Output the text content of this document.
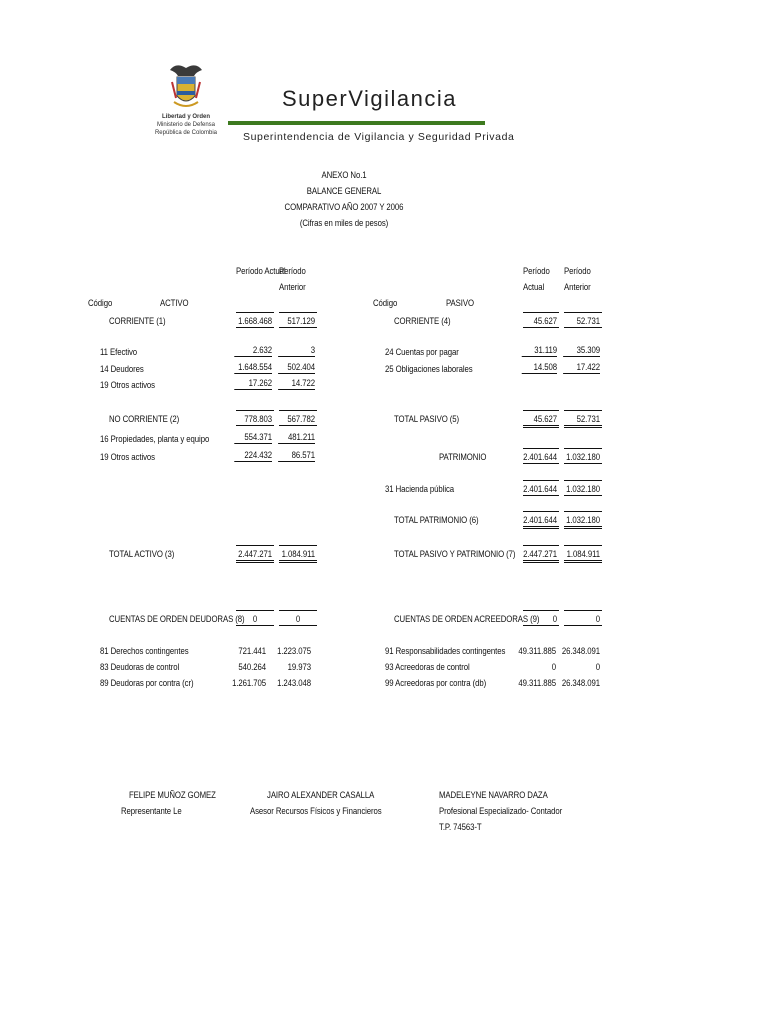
Libertad y Orden
Ministerio de Defensa
República de Colombia
SuperVigilancia
Superintendencia de Vigilancia y Seguridad Privada
ANEXO No.1
BALANCE GENERAL
COMPARATIVO AÑO 2007 Y 2006
(Cifras en miles de pesos)
Período Actual
Período
Anterior
Período
Actual
Período
Anterior
Código	ACTIVO	Código	PASIVO
CORRIENTE (1)	1.668.468	517.129
11 Efectivo	2.632	3
14 Deudores	1.648.554	502.404
19 Otros activos	17.262	14.722
NO CORRIENTE (2)	778.803	567.782
16 Propiedades, planta y equipo	554.371	481.211
19 Otros activos	224.432	86.571
TOTAL ACTIVO (3)	2.447.271	1.084.911
CUENTAS DE ORDEN DEUDORAS (8) 0	0
81 Derechos contingentes	721.441	1.223.075
83 Deudoras de control	540.264	19.973
89 Deudoras por contra (cr)	1.261.705	1.243.048
CORRIENTE (4)	45.627	52.731
24 Cuentas por pagar	31.119	35.309
25 Obligaciones laborales	14.508	17.422
TOTAL PASIVO (5)	45.627	52.731
PATRIMONIO	2.401.644 1.032.180
31 Hacienda pública	2.401.644 1.032.180
TOTAL PATRIMONIO (6)	2.401.644 1.032.180
TOTAL PASIVO Y PATRIMONIO (7) 2.447.271	1.084.911
CUENTAS DE ORDEN ACREEDORAS (9)	0	0
91 Responsabilidades contingentes	49.311.885 26.348.091
93 Acreedoras de control	0	0
99 Acreedoras por contra (db)	49.311.885 26.348.091
FELIPE MUÑOZ GOMEZ
Representante Le
JAIRO ALEXANDER CASALLA
Asesor Recursos Físicos y Financieros
MADELEYNE NAVARRO DAZA
Profesional Especializado- Contador
T.P. 74563-T
